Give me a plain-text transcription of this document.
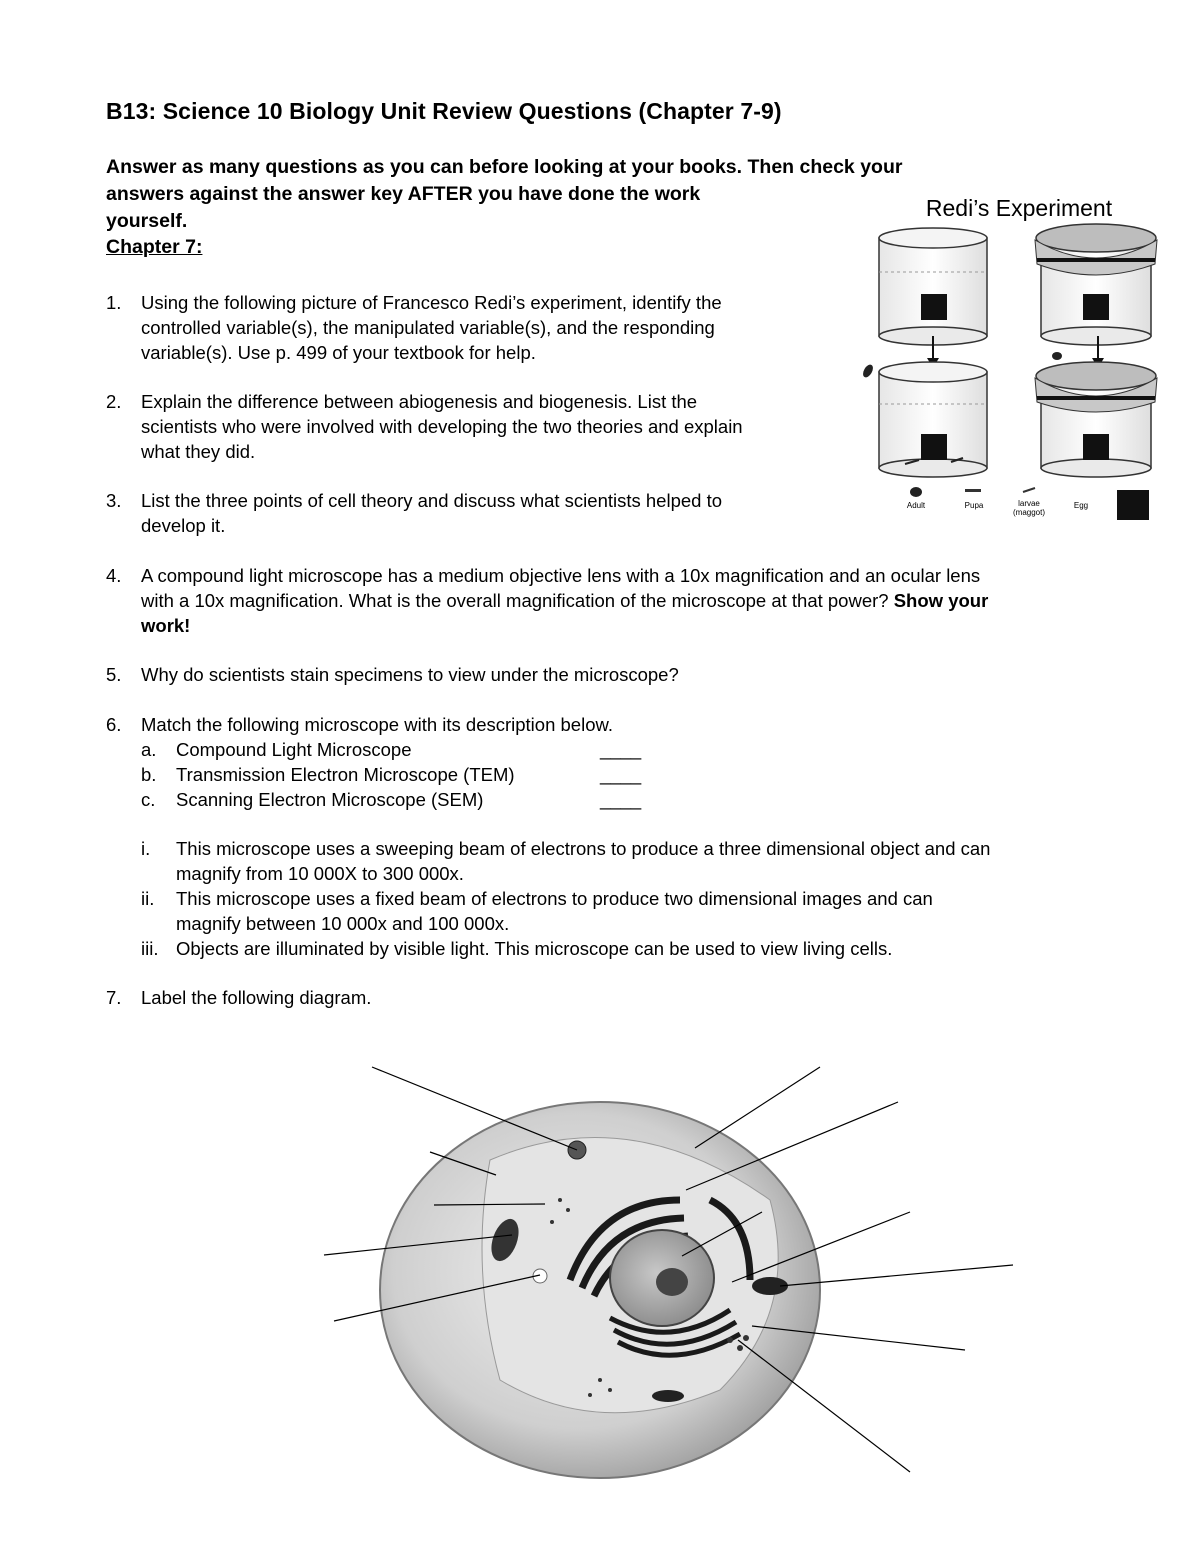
B13: Science 10 Biology Unit Review Questions (Chapter 7-9)
Answer as many questions as you can before looking at your books. Then check your
answers against the answer key AFTER you have done the work
yourself.
Chapter 7:
Redi’s Experiment
Adult	Pupa	larvae
(maggot)
Egg
1. Using the following picture of Francesco Redi’s experiment, identify the
controlled variable(s), the manipulated variable(s), and the responding
variable(s). Use p. 499 of your textbook for help.
2. Explain the difference between abiogenesis and biogenesis. List the
scientists who were involved with developing the two theories and explain
what they did.
3. List the three points of cell theory and discuss what scientists helped to
develop it.
4. A compound light microscope has a medium objective lens with a 10x magnification and an ocular lens
with a 10x magnification. What is the overall magnification of the microscope at that power? Show your
work!
5. Why do scientists stain specimens to view under the microscope?
6. Match the following microscope with its description below.
a. Compound Light Microscope	____
b. Transmission Electron Microscope (TEM)	____
c. Scanning Electron Microscope (SEM)	____
i. This microscope uses a sweeping beam of electrons to produce a three dimensional object and can
magnify from 10 000X to 300 000x.
ii. This microscope uses a fixed beam of electrons to produce two dimensional images and can
magnify between 10 000x and 100 000x.
iii. Objects are illuminated by visible light. This microscope can be used to view living cells.
7. Label the following diagram.
